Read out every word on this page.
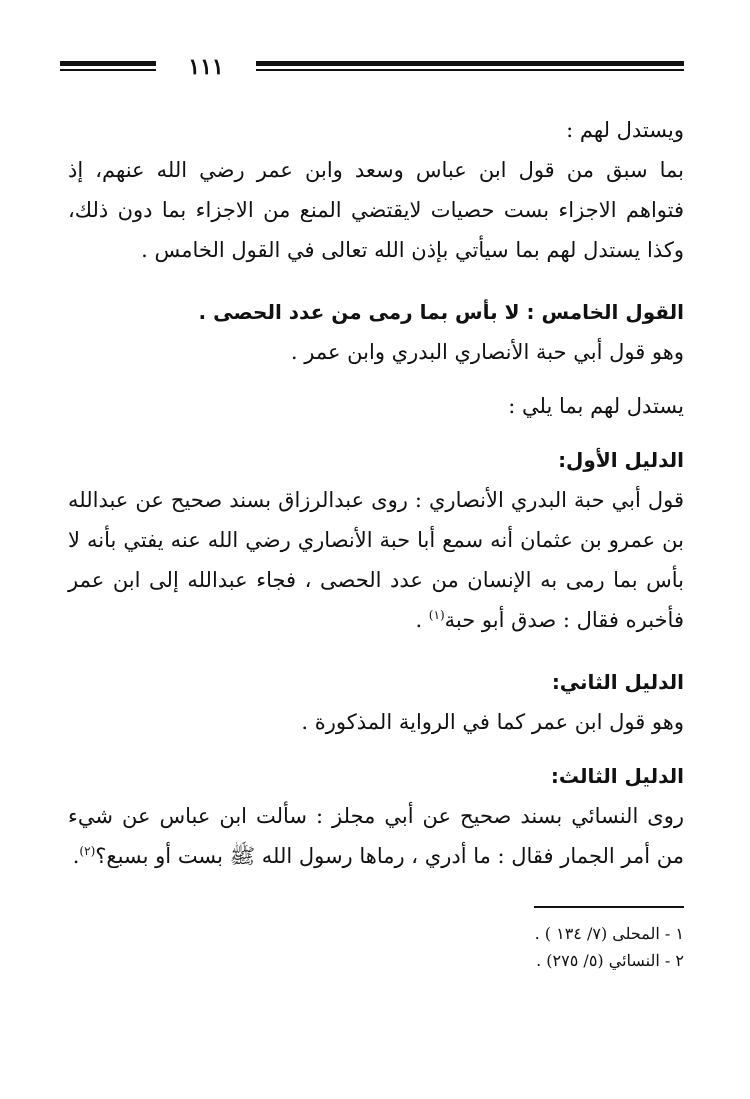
١١١

ويستدل لهم :

بما سبق من قول ابن عباس وسعد وابن عمر رضي الله عنهم، إذ فتواهم الاجزاء بست حصيات لايقتضي المنع من الاجزاء بما دون ذلك، وكذا يستدل لهم بما سيأتي بإذن الله تعالى في القول الخامس .

القول الخامس : لا بأس بما رمى من عدد الحصى .

وهو قول أبي حبة الأنصاري البدري وابن عمر .

يستدل لهم بما يلي :

الدليل الأول:

قول أبي حبة البدري الأنصاري : روى عبدالرزاق بسند صحيح عن عبدالله بن عمرو بن عثمان أنه سمع أبا حبة الأنصاري رضي الله عنه يفتي بأنه لا بأس بما رمى به الإنسان من عدد الحصى ، فجاء عبدالله إلى ابن عمر فأخبره فقال : صدق أبو حبة$^{(١)}$ .

الدليل الثاني:

وهو قول ابن عمر كما في الرواية المذكورة .

الدليل الثالث:

روى النسائي بسند صحيح عن أبي مجلز : سألت ابن عباس عن شيء من أمر الجمار فقال : ما أدري ، رماها رسول الله ﷺ بست أو بسبع؟$^{(٢)}$.

١ - المحلى (٧/ ١٣٤ ) .

٢ - النسائي (٥/ ٢٧٥) .
